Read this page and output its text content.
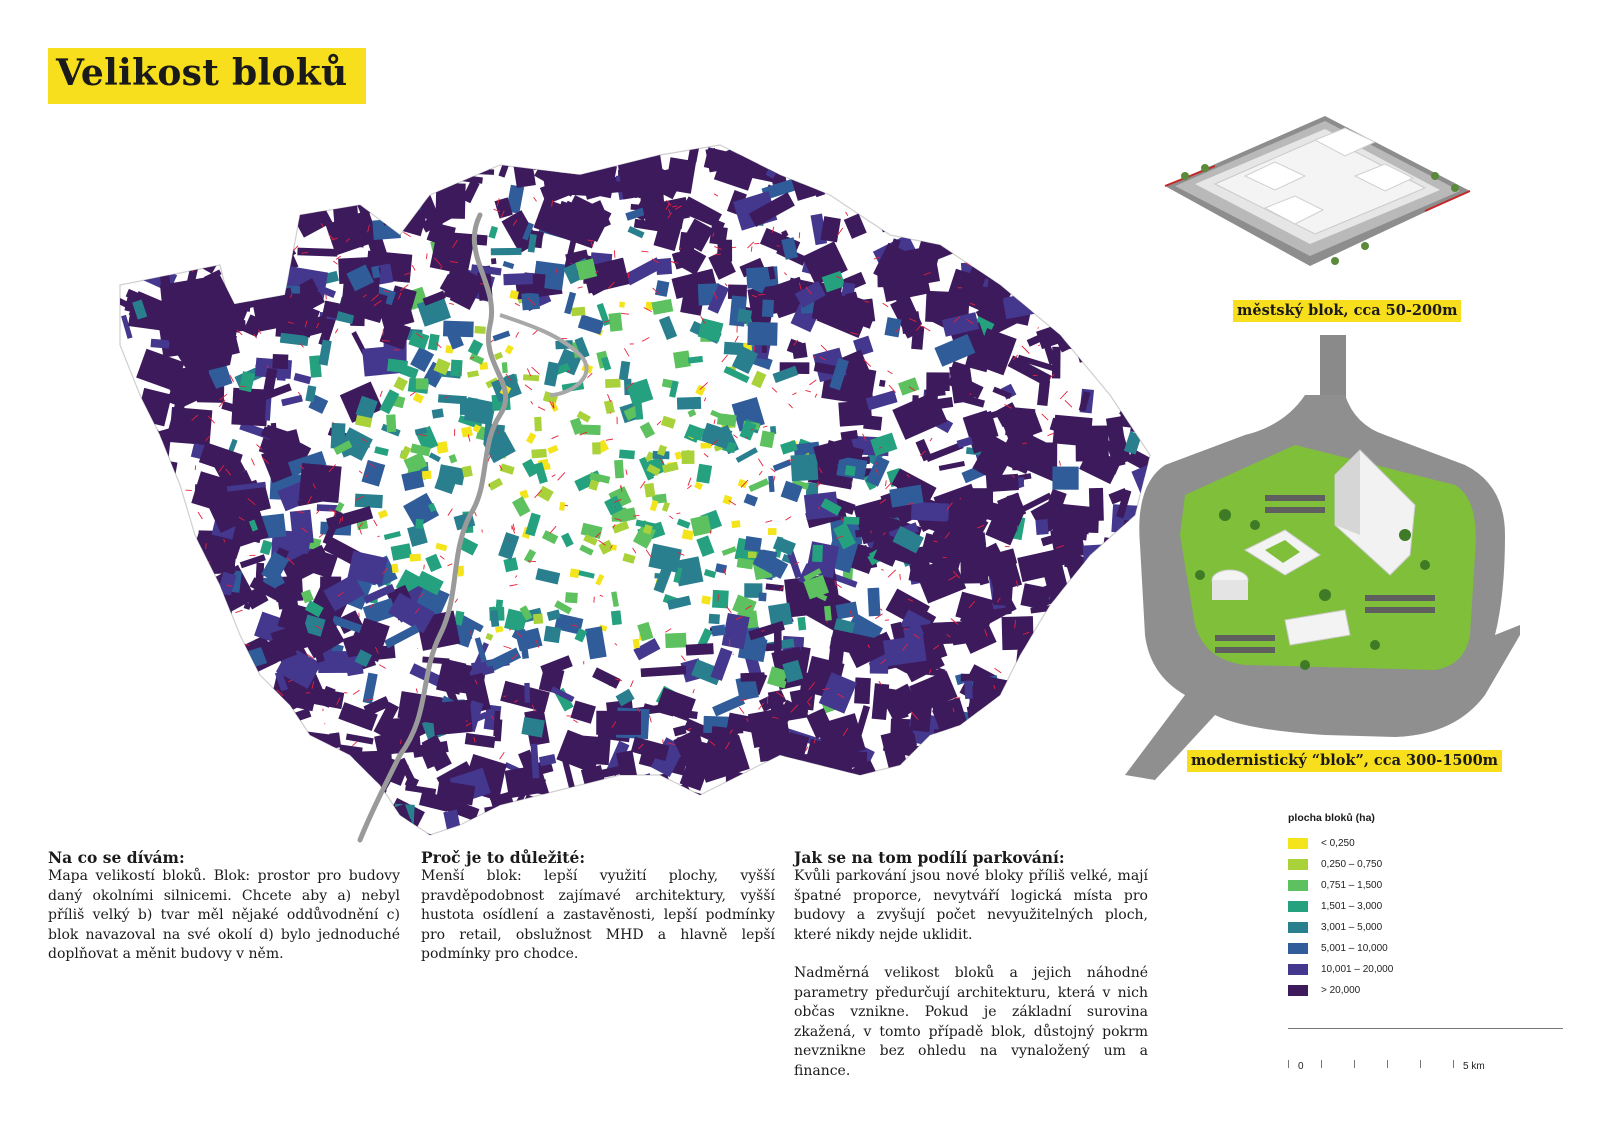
Velikost bloků
městský blok, cca 50-200m
modernistický “blok”, cca 300-1500m
Na co se dívám:

Mapa velikostí bloků. Blok: prostor pro budovy daný okolními silnicemi. Chcete aby a) nebyl příliš velký b) tvar měl nějaké oddůvodnění c) blok navazoval na své okolí d) bylo jednoduché doplňovat a měnit budovy v něm.

Proč je to důležité:

Menší blok: lepší využití plochy, vyšší pravděpodobnost zajímavé architektury, vyšší hustota osídlení a zastavěnosti, lepší podmínky pro retail, obslužnost MHD a hlavně lepší podmínky pro chodce.

Jak se na tom podílí parkování:

Kvůli parkování jsou nové bloky příliš velké, mají špatné proporce, nevytváří logická místa pro budovy a zvyšují počet nevyužitelných ploch, které nikdy nejde uklidit.

Nadměrná velikost bloků a jejich náhodné parametry předurčují architekturu, která v nich občas vznikne. Pokud je základní surovina zkažená, v tomto případě blok, důstojný pokrm nevznikne bez ohledu na vynaložený um a finance.

plocha bloků (ha)
< 0,250
0,250 – 0,750
0,751 – 1,500
1,501 – 3,000
3,001 – 5,000
5,001 – 10,000
10,001 – 20,000
> 20,000
0	5 km
